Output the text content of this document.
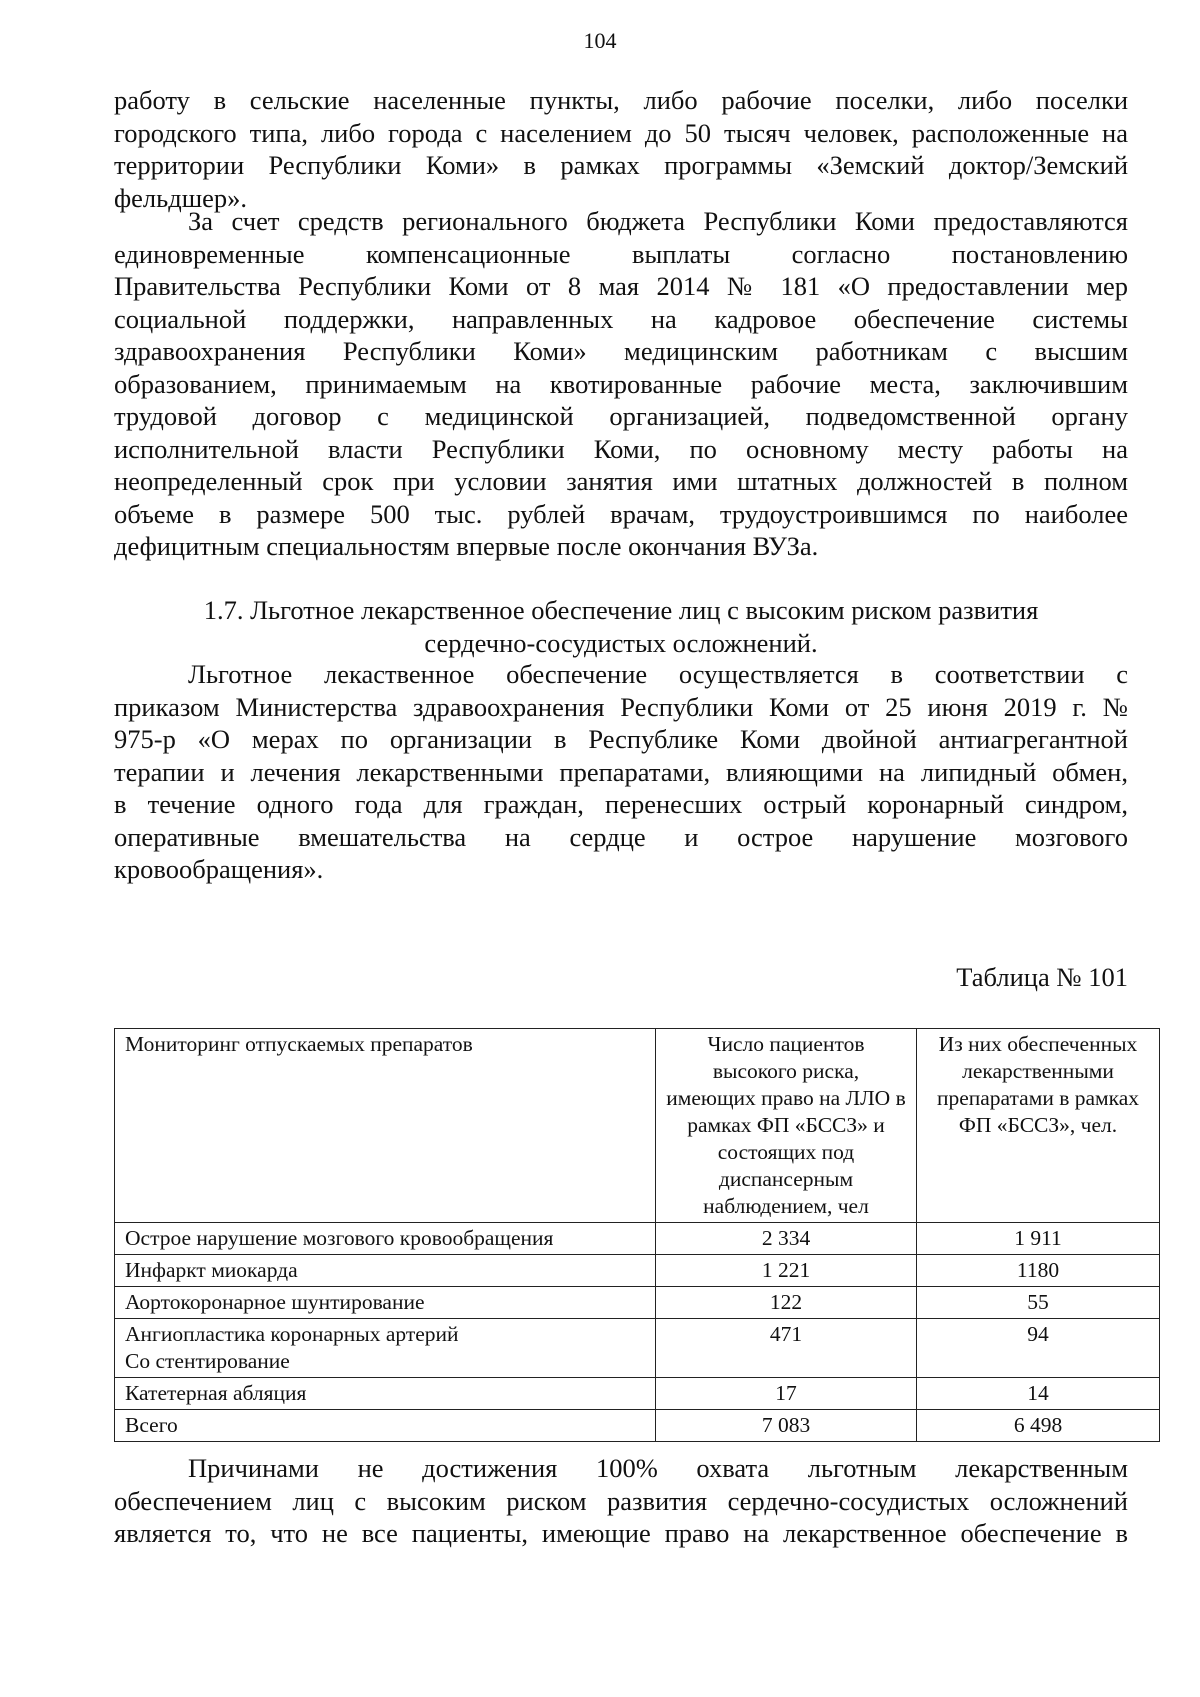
104
работу в сельские населенные пункты, либо рабочие поселки, либо поселки
городского типа, либо города с населением до 50 тысяч человек, расположенные на
территории Республики Коми» в рамках программы «Земский доктор/Земский
фельдшер».
За счет средств регионального бюджета Республики Коми предоставляются
единовременные компенсационные выплаты согласно постановлению
Правительства Республики Коми от 8 мая 2014 № 181 «О предоставлении мер
социальной поддержки, направленных на кадровое обеспечение системы
здравоохранения Республики Коми» медицинским работникам с высшим
образованием, принимаемым на квотированные рабочие места, заключившим
трудовой договор с медицинской организацией, подведомственной органу
исполнительной власти Республики Коми, по основному месту работы на
неопределенный срок при условии занятия ими штатных должностей в полном
объеме в размере 500 тыс. рублей врачам, трудоустроившимся по наиболее
дефицитным специальностям впервые после окончания ВУЗа.
1.7. Льготное лекарственное обеспечение лиц с высоким риском развития
сердечно-сосудистых осложнений.
Льготное лекаственное обеспечение осуществляется в соответствии с
приказом Министерства здравоохранения Республики Коми от 25 июня 2019 г. №
975-р «О мерах по организации в Республике Коми двойной антиагрегантной
терапии и лечения лекарственными препаратами, влияющими на липидный обмен,
в течение одного года для граждан, перенесших острый коронарный синдром,
оперативные вмешательства на сердце и острое нарушение мозгового
кровообращения».
Таблица № 101
Мониторинг отпускаемых препаратов	Число пациентов высокого риска, имеющих право на ЛЛО в рамках ФП «БССЗ» и состоящих под диспансерным наблюдением, чел	Из них обеспеченных лекарственными препаратами в рамках ФП «БССЗ», чел.
Острое нарушение мозгового кровообращения	2 334	1 911
Инфаркт миокарда	1 221	1180
Аортокоронарное шунтирование	122	55

Ангиопластика коронарных артерий
Со стентирование	471	94
Катетерная абляция	17	14
Всего	7 083	6 498
Причинами не достижения 100% охвата льготным лекарственным
обеспечением лиц с высоким риском развития сердечно-сосудистых осложнений
является то, что не все пациенты, имеющие право на лекарственное обеспечение в
